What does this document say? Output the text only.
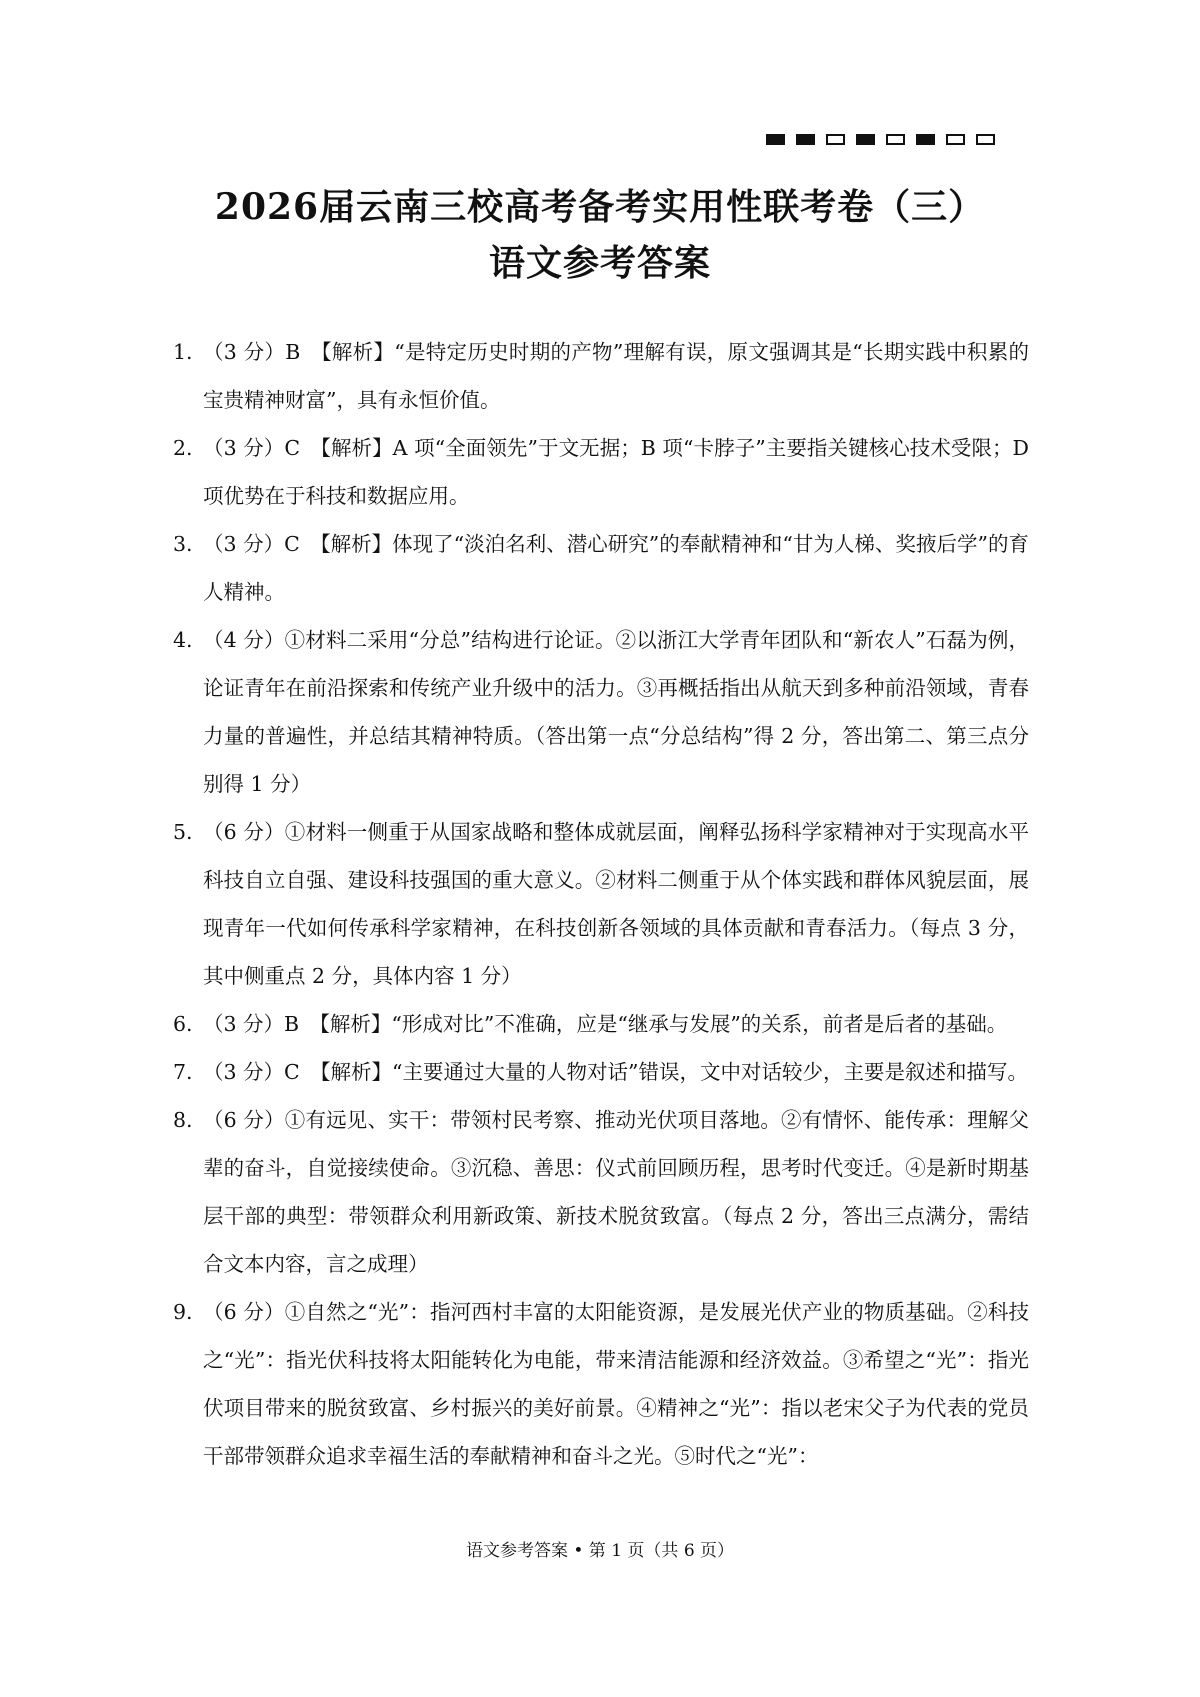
2026届云南三校高考备考实用性联考卷（三）
语文参考答案
1. （3 分）B　【解析】“是特定历史时期的产物”理解有误，原文强调其是“长期实践中积累的宝贵精神财富”，具有永恒价值。
2. （3 分）C　【解析】A 项“全面领先”于文无据；B 项“卡脖子”主要指关键核心技术受限；D 项优势在于科技和数据应用。
3. （3 分）C　【解析】体现了“淡泊名利、潜心研究”的奉献精神和“甘为人梯、奖掖后学”的育人精神。
4. （4 分）①材料二采用“分总”结构进行论证。②以浙江大学青年团队和“新农人”石磊为例，论证青年在前沿探索和传统产业升级中的活力。③再概括指出从航天到多种前沿领域，青春力量的普遍性，并总结其精神特质。（答出第一点“分总结构”得 2 分，答出第二、第三点分别得 1 分）
5. （6 分）①材料一侧重于从国家战略和整体成就层面，阐释弘扬科学家精神对于实现高水平科技自立自强、建设科技强国的重大意义。②材料二侧重于从个体实践和群体风貌层面，展现青年一代如何传承科学家精神，在科技创新各领域的具体贡献和青春活力。（每点 3 分，其中侧重点 2 分，具体内容 1 分）
6. （3 分）B　【解析】“形成对比”不准确，应是“继承与发展”的关系，前者是后者的基础。
7. （3 分）C　【解析】“主要通过大量的人物对话”错误，文中对话较少，主要是叙述和描写。
8. （6 分）①有远见、实干：带领村民考察、推动光伏项目落地。②有情怀、能传承：理解父辈的奋斗，自觉接续使命。③沉稳、善思：仪式前回顾历程，思考时代变迁。④是新时期基层干部的典型：带领群众利用新政策、新技术脱贫致富。（每点 2 分，答出三点满分，需结合文本内容，言之成理）
9. （6 分）①自然之“光”：指河西村丰富的太阳能资源，是发展光伏产业的物质基础。②科技之“光”：指光伏科技将太阳能转化为电能，带来清洁能源和经济效益。③希望之“光”：指光伏项目带来的脱贫致富、乡村振兴的美好前景。④精神之“光”：指以老宋父子为代表的党员干部带领群众追求幸福生活的奉献精神和奋斗之光。⑤时代之“光”：
语文参考答案 • 第 1 页（共 6 页）
